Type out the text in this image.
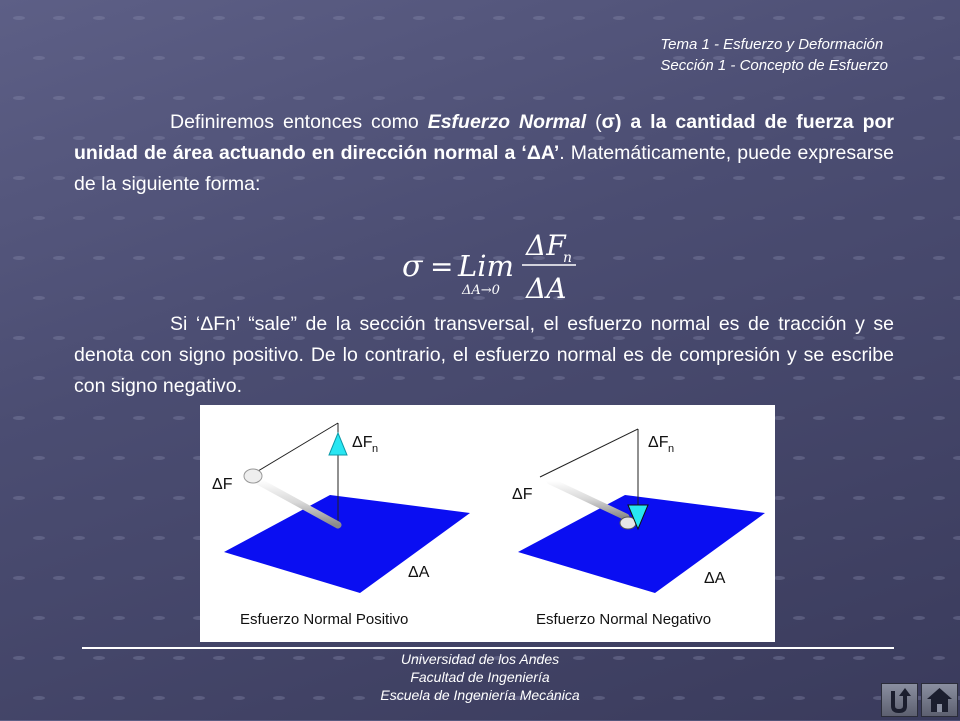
Tema 1 - Esfuerzo y Deformación
Sección 1 - Concepto de Esfuerzo
Definiremos entonces como Esfuerzo Normal (σ) a la cantidad de fuerza por unidad de área actuando en dirección normal a ‘ΔA’. Matemáticamente, puede expresarse de la siguiente forma:
σ = Lim
ΔA→0
ΔF
n
ΔA
Si ‘ΔFn’ “sale” de la sección transversal, el esfuerzo normal es de tracción y se denota con signo positivo. De lo contrario, el esfuerzo normal es de compresión y se escribe con signo negativo.
ΔF n
ΔF
ΔA
Esfuerzo Normal Positivo
ΔF n
ΔF
ΔA
Esfuerzo Normal Negativo
Universidad de los Andes
Facultad de Ingeniería
Escuela de Ingeniería Mecánica
